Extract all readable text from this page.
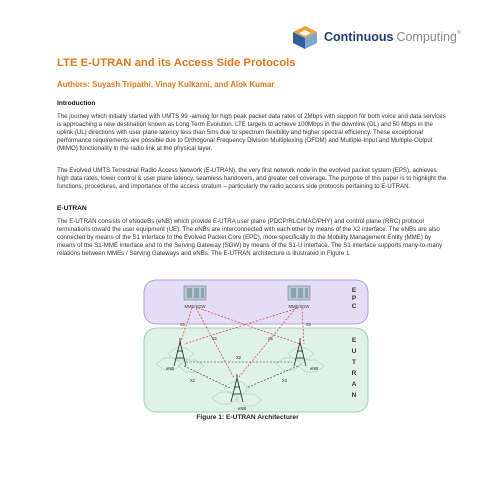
Continuous Computing®
LTE E-UTRAN and its Access Side Protocols
Authors: Suyash Tripathi, Vinay Kulkarni, and Alok Kumar
Introduction
The journey which initially started with UMTS 99 -aiming for high peak packet data rates of 2Mbps with support for both voice and data services is approaching a new destination known as Long Term Evolution. LTE targets to achieve 100Mbps in the downlink (DL) and 50 Mbps in the uplink (UL) directions with user plane latency less than 5ms due to spectrum flexibility and higher spectral efficiency. These exceptional performance requirements are possible due to Orthogonal Frequency Division Multiplexing (OFDM) and Multiple-Input and Multiple-Output (MIMO) functionality in the radio link at the physical layer.
The Evolved UMTS Terrestrial Radio Access Network (E-UTRAN), the very first network node in the evolved packet system (EPS), achieves high data rates, lower control & user plane latency, seamless handovers, and greater cell coverage. The purpose of this paper is to highlight the functions, procedures, and importance of the access stratum – particularly the radio access side protocols pertaining to E-UTRAN.
E-UTRAN
The E-UTRAN consists of eNodeBs (eNB) which provide E-UTRA user plane (PDCP/RLC/MAC/PHY) and control plane (RRC) protocol terminations toward the user equipment (UE). The eNBs are interconnected with each other by means of the X2 interface. The eNBs are also connected by means of the S1 interface to the Evolved Packet Core (EPC), more specifically to the Mobility Management Entity (MME) by means of the S1-MME interface and to the Serving Gateway (SGW) by means of the S1-U interface. The S1 interface supports many-to-many relations between MMEs / Serving Gateways and eNBs. The E-UTRAN architecture is illustrated in Figure 1.
E P C
E U T R A N
MME/SGW	MME/SGW
S1
S1	S1
S1
X2
X2	X2
eNB	eNB
eNB
Figure 1: E-UTRAN Architecturer
